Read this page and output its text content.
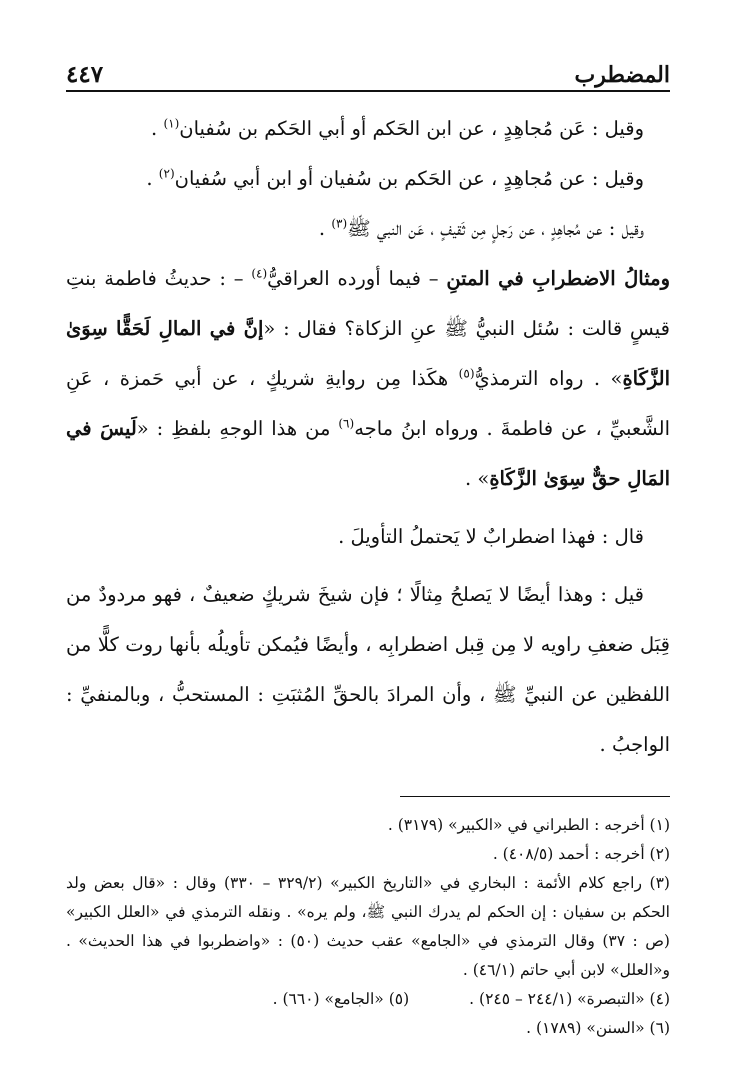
المضطرب
٤٤٧

وقيل : عَن مُجاهِدٍ ، عن ابن الحَكم أو أبي الحَكم بن سُفيان$^{(١)}$ .

وقيل : عن مُجاهِدٍ ، عن الحَكم بن سُفيان أو ابن أبي سُفيان$^{(٢)}$ .

وقيل : عن مُجاهِدٍ ، عن رَجلٍ مِن ثَقيفٍ ، عَن النبي ﷺ$^{(٣)}$ .

ومثالُ الاضطرابِ في المتنِ – فيما أورده العراقيُّ$^{(٤)}$ – : حديثُ فاطمة بنتِ قيسٍ قالت : سُئل النبيُّ ﷺ عنِ الزكاة؟ فقال : «إنَّ في المالِ لَحَقًّا سِوَىٰ الزَّكَاةِ» . رواه الترمذيُّ$^{(٥)}$ هكَذا مِن روايةِ شريكٍ ، عن أبي حَمزة ، عَنِ الشَّعبيِّ ، عن فاطمةَ . ورواه ابنُ ماجه$^{(٦)}$ من هذا الوجهِ بلفظِ : «لَيسَ في المَالِ حقٌّ سِوَىٰ الزَّكَاةِ» .

قال : فهذا اضطرابٌ لا يَحتملُ التأويلَ .

قيل : وهذا أيضًا لا يَصلحُ مِثالًا ؛ فإن شيخَ شريكٍ ضعيفٌ ، فهو مردودٌ من قِبَل ضعفِ راويه لا مِن قِبل اضطرابِه ، وأيضًا فيُمكن تأويلُه بأنها روت كلًّا من اللفظين عن النبيِّ ﷺ ، وأن المرادَ بالحقِّ المُثبَتِ : المستحبُّ ، وبالمنفيِّ : الواجبُ .

(١) أخرجه : الطبراني في «الكبير» (٣١٧٩) .

(٢) أخرجه : أحمد (٤٠٨/٥) .

(٣) راجع كلام الأئمة : البخاري في «التاريخ الكبير» (٣٢٩/٢ – ٣٣٠) وقال : «قال بعض ولد الحكم بن سفيان : إن الحكم لم يدرك النبي ﷺ، ولم يره» . ونقله الترمذي في «العلل الكبير» (ص : ٣٧) وقال الترمذي في «الجامع» عقب حديث (٥٠) : «واضطربوا في هذا الحديث» . و«العلل» لابن أبي حاتم (٤٦/١) .

(٤) «التبصرة» (٢٤٤/١ – ٢٤٥) .
(٥) «الجامع» (٦٦٠) .

(٦) «السنن» (١٧٨٩) .
